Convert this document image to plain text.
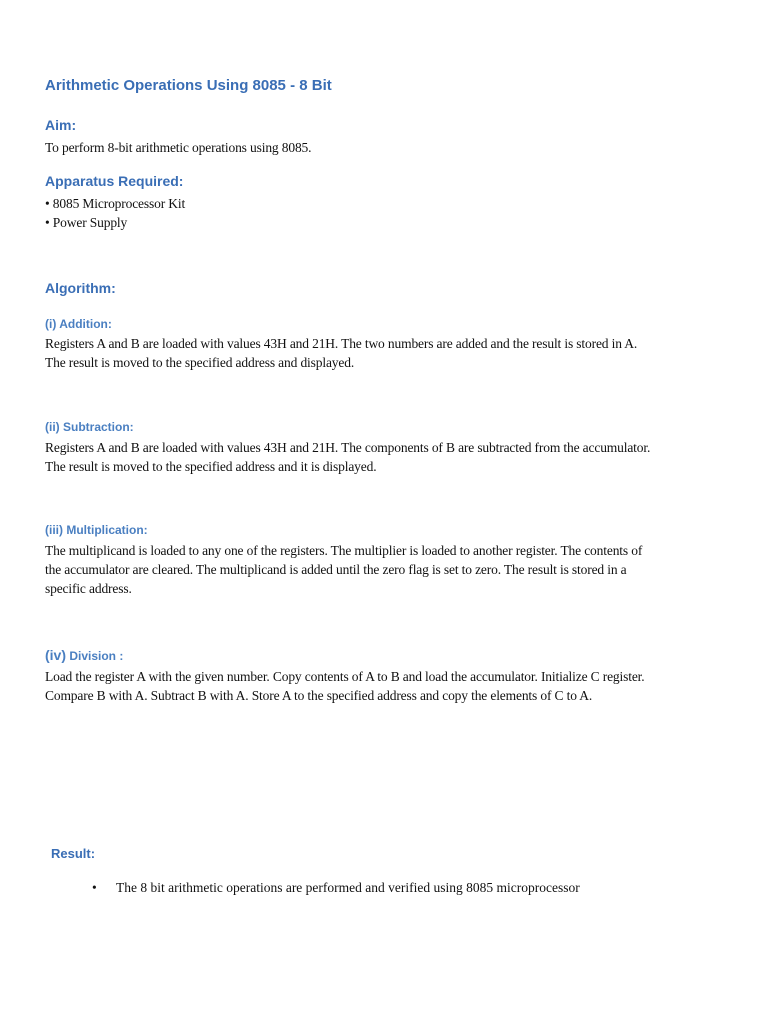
Arithmetic Operations Using 8085 - 8 Bit
Aim:
To perform 8-bit arithmetic operations using 8085.
Apparatus Required:
• 8085 Microprocessor Kit
• Power Supply
Algorithm:
(i) Addition:
Registers A and B are loaded with values 43H and 21H. The two numbers are added and the result is stored in A.
The result is moved to the specified address and displayed.
(ii) Subtraction:
Registers A and B are loaded with values 43H and 21H. The components of B are subtracted from the accumulator.
The result is moved to the specified address and it is displayed.
(iii) Multiplication:
The multiplicand is loaded to any one of the registers. The multiplier is loaded to another register. The contents of
the accumulator are cleared. The multiplicand is added until the zero flag is set to zero. The result is stored in a
specific address.
(iv) Division :
Load the register A with the given number. Copy contents of A to B and load the accumulator. Initialize C register.
Compare B with A. Subtract B with A. Store A to the specified address and copy the elements of C to A.
Result:
• The 8 bit arithmetic operations are performed and verified using 8085 microprocessor
